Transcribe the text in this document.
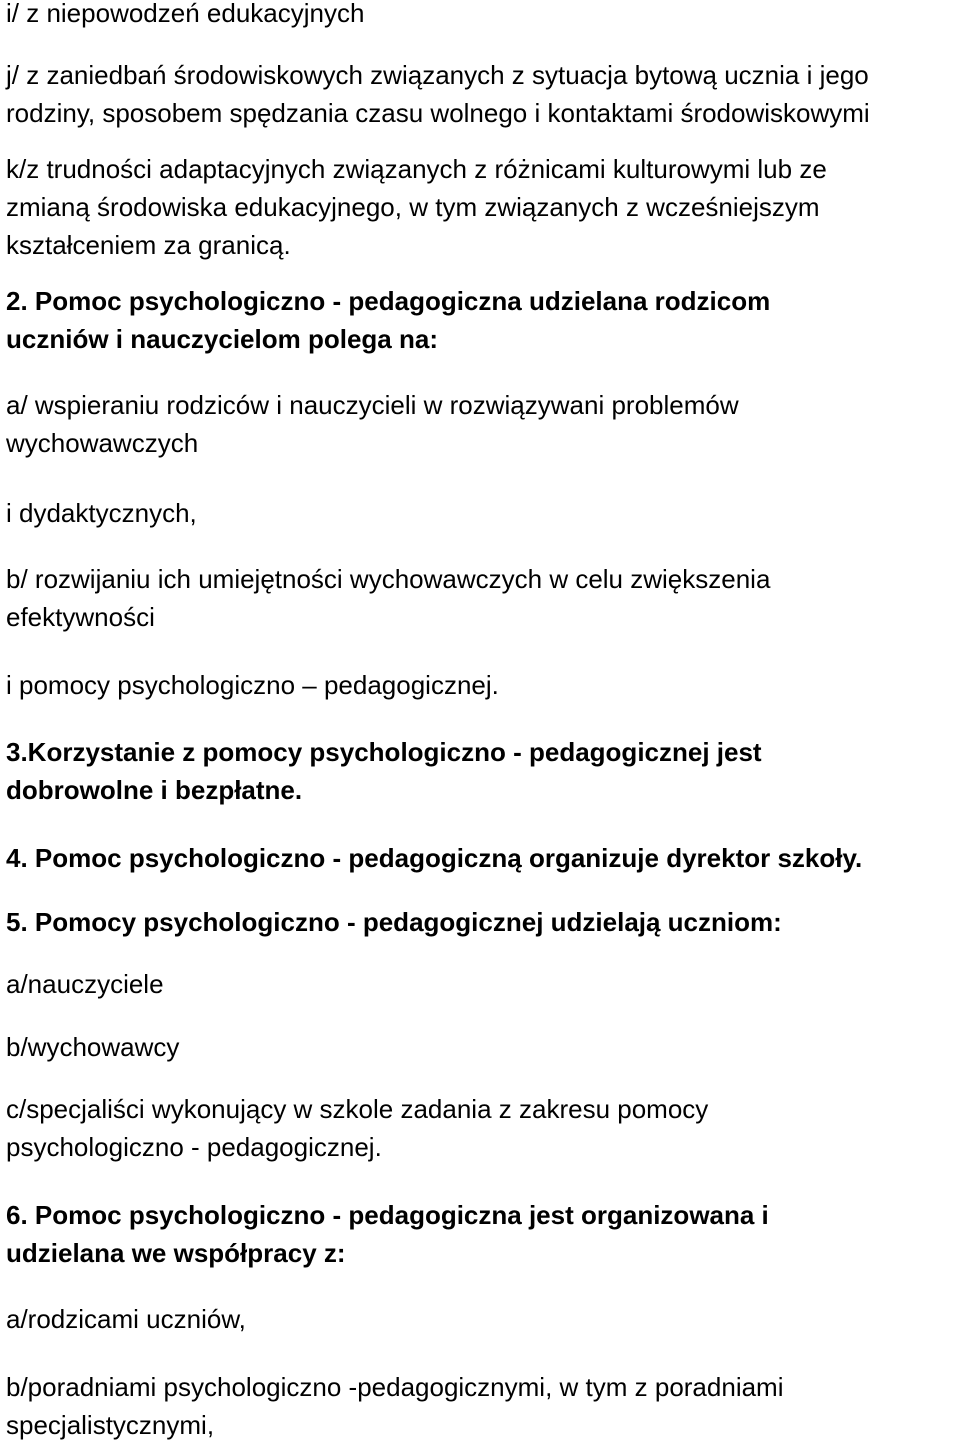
i/ z niepowodzeń edukacyjnych

j/ z zaniedbań środowiskowych związanych z sytuacja bytową ucznia i jego
rodziny, sposobem spędzania czasu wolnego i kontaktami środowiskowymi

k/z trudności adaptacyjnych związanych z różnicami kulturowymi lub ze
zmianą środowiska edukacyjnego, w tym związanych z wcześniejszym
kształceniem za granicą.

2. Pomoc psychologiczno - pedagogiczna udzielana rodzicom
uczniów i nauczycielom polega na:

a/ wspieraniu rodziców i nauczycieli w rozwiązywani problemów
wychowawczych

i dydaktycznych,

b/ rozwijaniu ich umiejętności wychowawczych w celu zwiększenia
efektywności

i pomocy psychologiczno – pedagogicznej.

3.Korzystanie z pomocy psychologiczno - pedagogicznej jest
dobrowolne i bezpłatne.

4. Pomoc psychologiczno - pedagogiczną organizuje dyrektor szkoły.

5. Pomocy psychologiczno - pedagogicznej udzielają uczniom:

a/nauczyciele

b/wychowawcy

c/specjaliści wykonujący w szkole zadania z zakresu pomocy
psychologiczno - pedagogicznej.

6. Pomoc psychologiczno - pedagogiczna jest organizowana i
udzielana we współpracy z:

a/rodzicami uczniów,

b/poradniami psychologiczno -pedagogicznymi, w tym z poradniami
specjalistycznymi,
